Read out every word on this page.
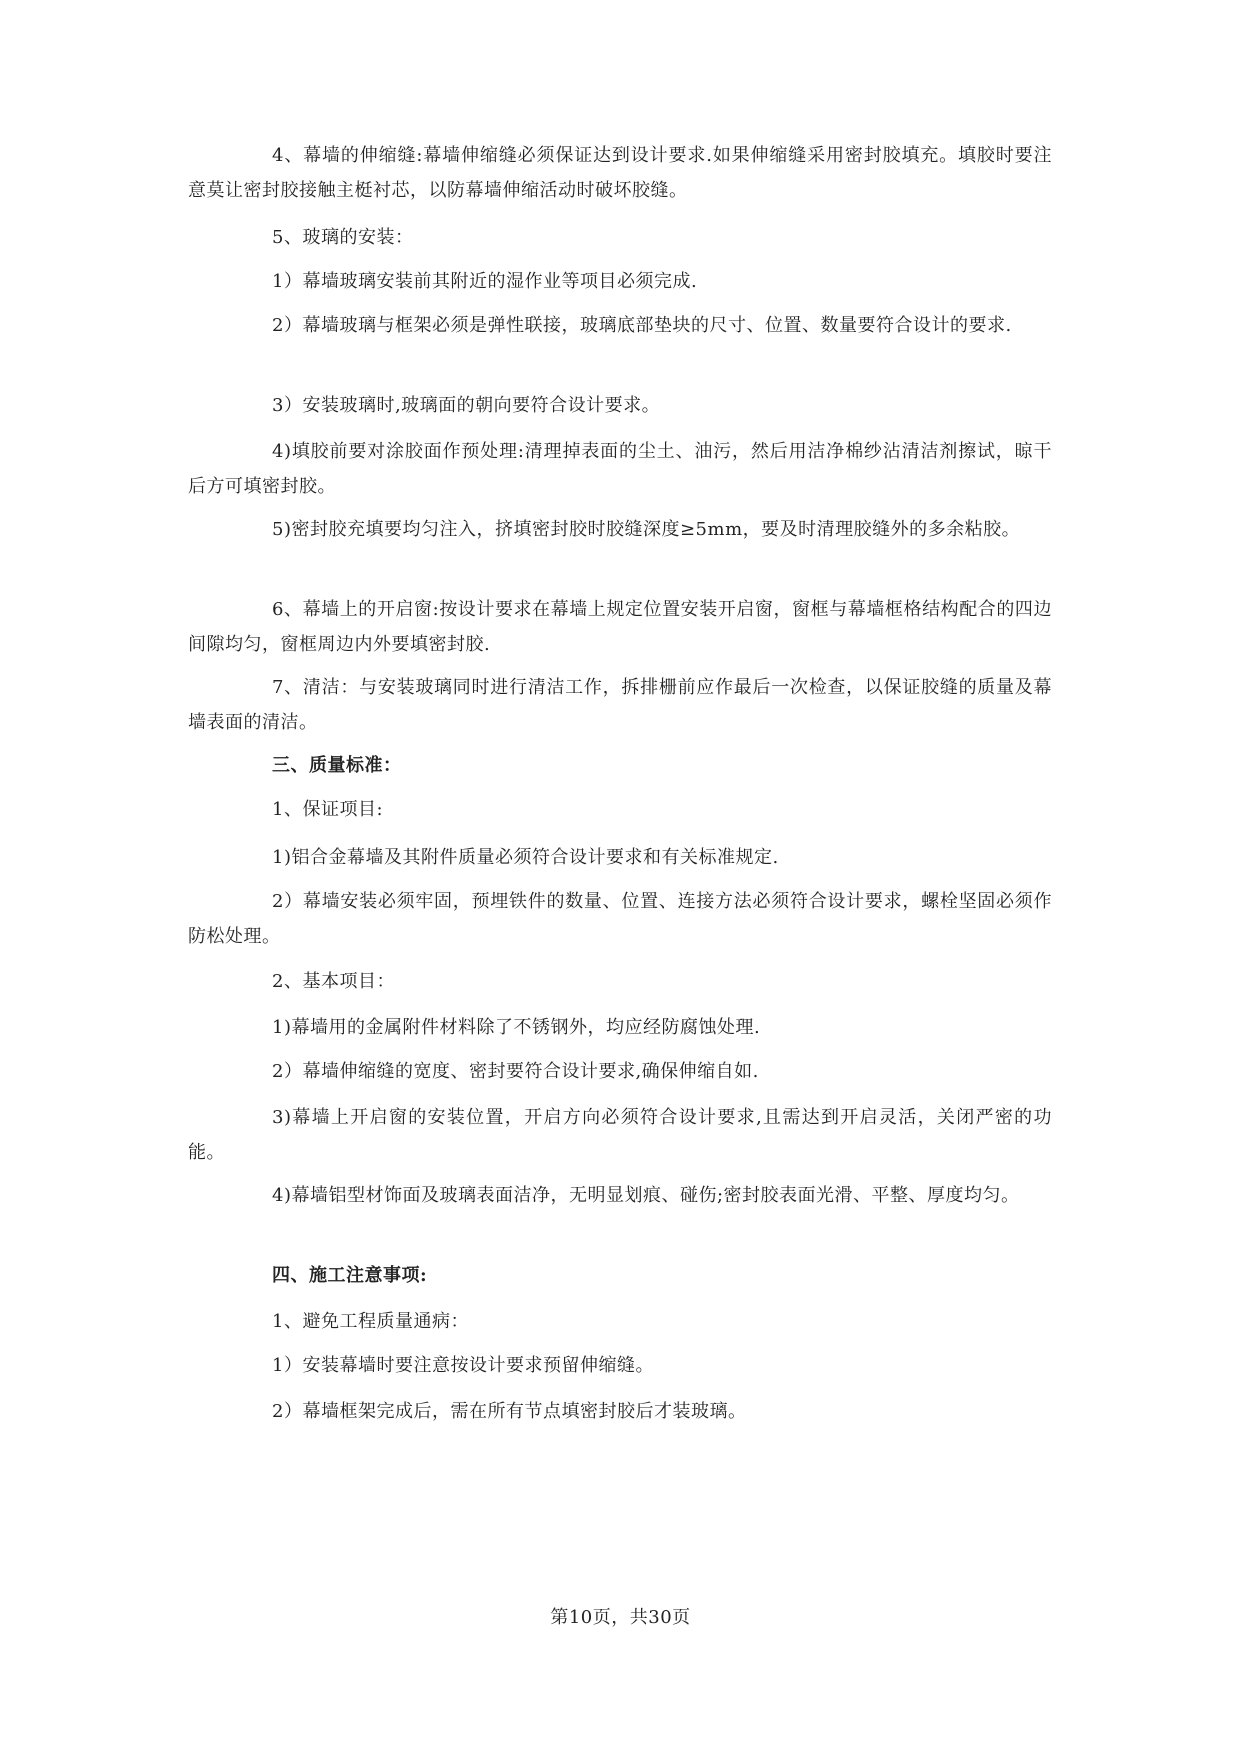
4、幕墙的伸缩缝:幕墙伸缩缝必须保证达到设计要求.如果伸缩缝采用密封胶填充。填胶时要注意莫让密封胶接触主梃衬芯，以防幕墙伸缩活动时破坏胶缝。

5、玻璃的安装：

1）幕墙玻璃安装前其附近的湿作业等项目必须完成.

2）幕墙玻璃与框架必须是弹性联接，玻璃底部垫块的尺寸、位置、数量要符合设计的要求.

3）安装玻璃时,玻璃面的朝向要符合设计要求。

4)填胶前要对涂胶面作预处理:清理掉表面的尘土、油污，然后用洁净棉纱沾清洁剂擦试，晾干后方可填密封胶。

5)密封胶充填要均匀注入，挤填密封胶时胶缝深度≥5mm，要及时清理胶缝外的多余粘胶。

6、幕墙上的开启窗:按设计要求在幕墙上规定位置安装开启窗，窗框与幕墙框格结构配合的四边间隙均匀，窗框周边内外要填密封胶.

7、清洁：与安装玻璃同时进行清洁工作，拆排栅前应作最后一次检查，以保证胶缝的质量及幕墙表面的清洁。

三、质量标准：

1、保证项目:

1)铝合金幕墙及其附件质量必须符合设计要求和有关标准规定.

2）幕墙安装必须牢固，预埋铁件的数量、位置、连接方法必须符合设计要求，螺栓坚固必须作防松处理。

2、基本项目：

1)幕墙用的金属附件材料除了不锈钢外，均应经防腐蚀处理.

2）幕墙伸缩缝的宽度、密封要符合设计要求,确保伸缩自如.

3)幕墙上开启窗的安装位置，开启方向必须符合设计要求,且需达到开启灵活，关闭严密的功能。

4)幕墙铝型材饰面及玻璃表面洁净，无明显划痕、碰伤;密封胶表面光滑、平整、厚度均匀。

四、施工注意事项:

1、避免工程质量通病：

1）安装幕墙时要注意按设计要求预留伸缩缝。

2）幕墙框架完成后，需在所有节点填密封胶后才装玻璃。

第10页，共30页
